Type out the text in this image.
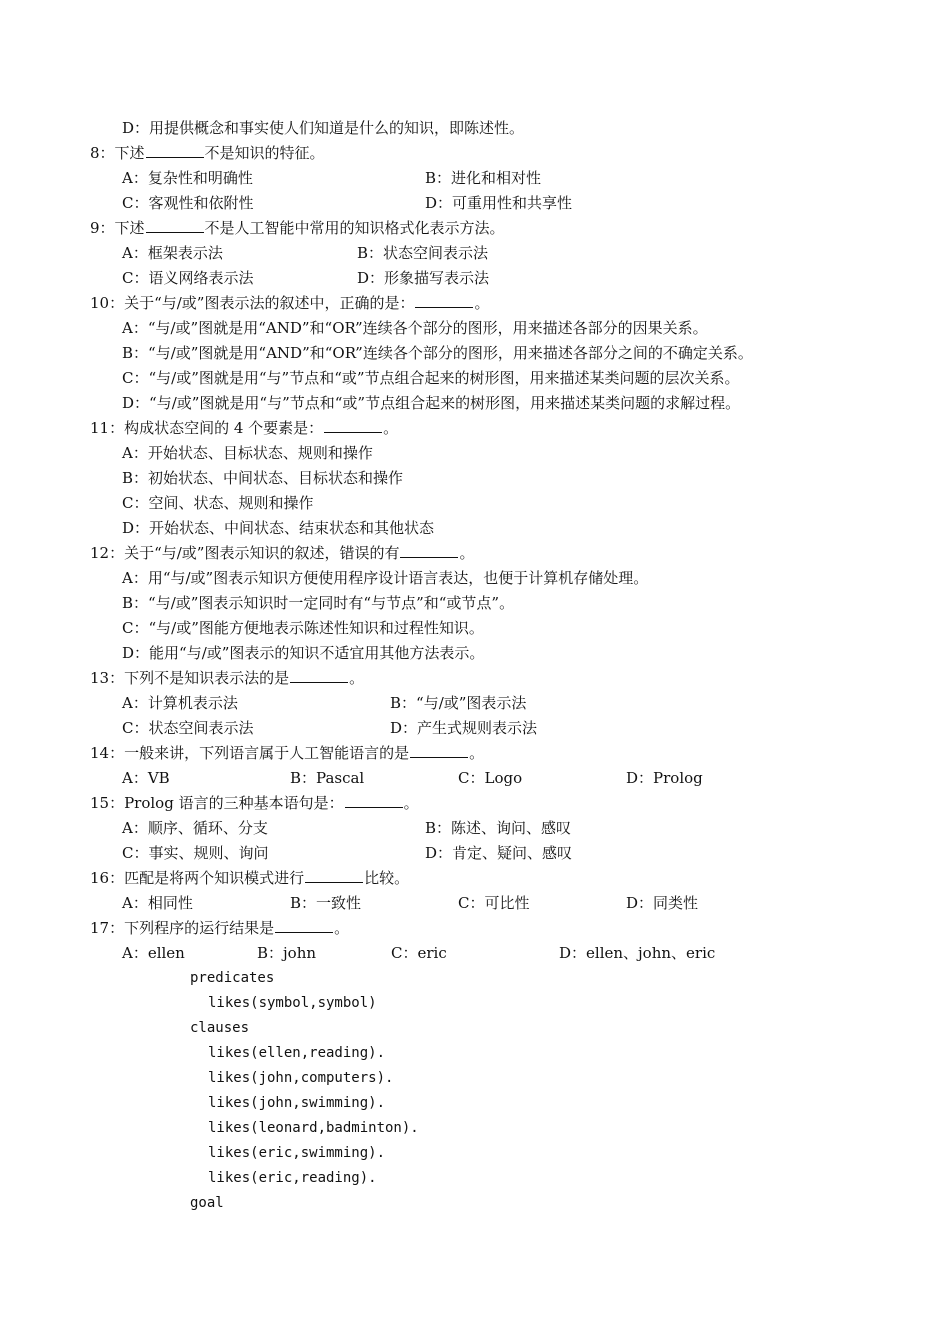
D：用提供概念和事实使人们知道是什么的知识，即陈述性。
8：下述	不是知识的特征。
A：复杂性和明确性	B：进化和相对性
C：客观性和依附性	D：可重用性和共享性
9：下述	不是人工智能中常用的知识格式化表示方法。
A：框架表示法	B：状态空间表示法
C：语义网络表示法	D：形象描写表示法
10：关于“与/或”图表示法的叙述中，正确的是：	。
A：“与/或”图就是用“AND”和“OR”连续各个部分的图形，用来描述各部分的因果关系。
B：“与/或”图就是用“AND”和“OR”连续各个部分的图形，用来描述各部分之间的不确定关系。
C：“与/或”图就是用“与”节点和“或”节点组合起来的树形图，用来描述某类问题的层次关系。
D：“与/或”图就是用“与”节点和“或”节点组合起来的树形图，用来描述某类问题的求解过程。
11：构成状态空间的 4 个要素是：	。
A：开始状态、目标状态、规则和操作
B：初始状态、中间状态、目标状态和操作
C：空间、状态、规则和操作
D：开始状态、中间状态、结束状态和其他状态
12：关于“与/或”图表示知识的叙述，错误的有	。
A：用“与/或”图表示知识方便使用程序设计语言表达，也便于计算机存储处理。
B：“与/或”图表示知识时一定同时有“与节点”和“或节点”。
C：“与/或”图能方便地表示陈述性知识和过程性知识。
D：能用“与/或”图表示的知识不适宜用其他方法表示。
13：下列不是知识表示法的是	。
A：计算机表示法	B：“与/或”图表示法
C：状态空间表示法	D：产生式规则表示法
14：一般来讲，下列语言属于人工智能语言的是	。
A：VB	B：Pascal	C：Logo	D：Prolog
15：Prolog 语言的三种基本语句是：	。
A：顺序、循环、分支	B：陈述、询问、感叹
C：事实、规则、询问	D：肯定、疑问、感叹
16：匹配是将两个知识模式进行	比较。
A：相同性	B：一致性	C：可比性	D：同类性
17：下列程序的运行结果是	。
A：ellen	B：john	C：eric	D：ellen、john、eric
predicates
likes(symbol,symbol)
clauses
likes(ellen,reading).
likes(john,computers).
likes(john,swimming).
likes(leonard,badminton).
likes(eric,swimming).
likes(eric,reading).
goal
